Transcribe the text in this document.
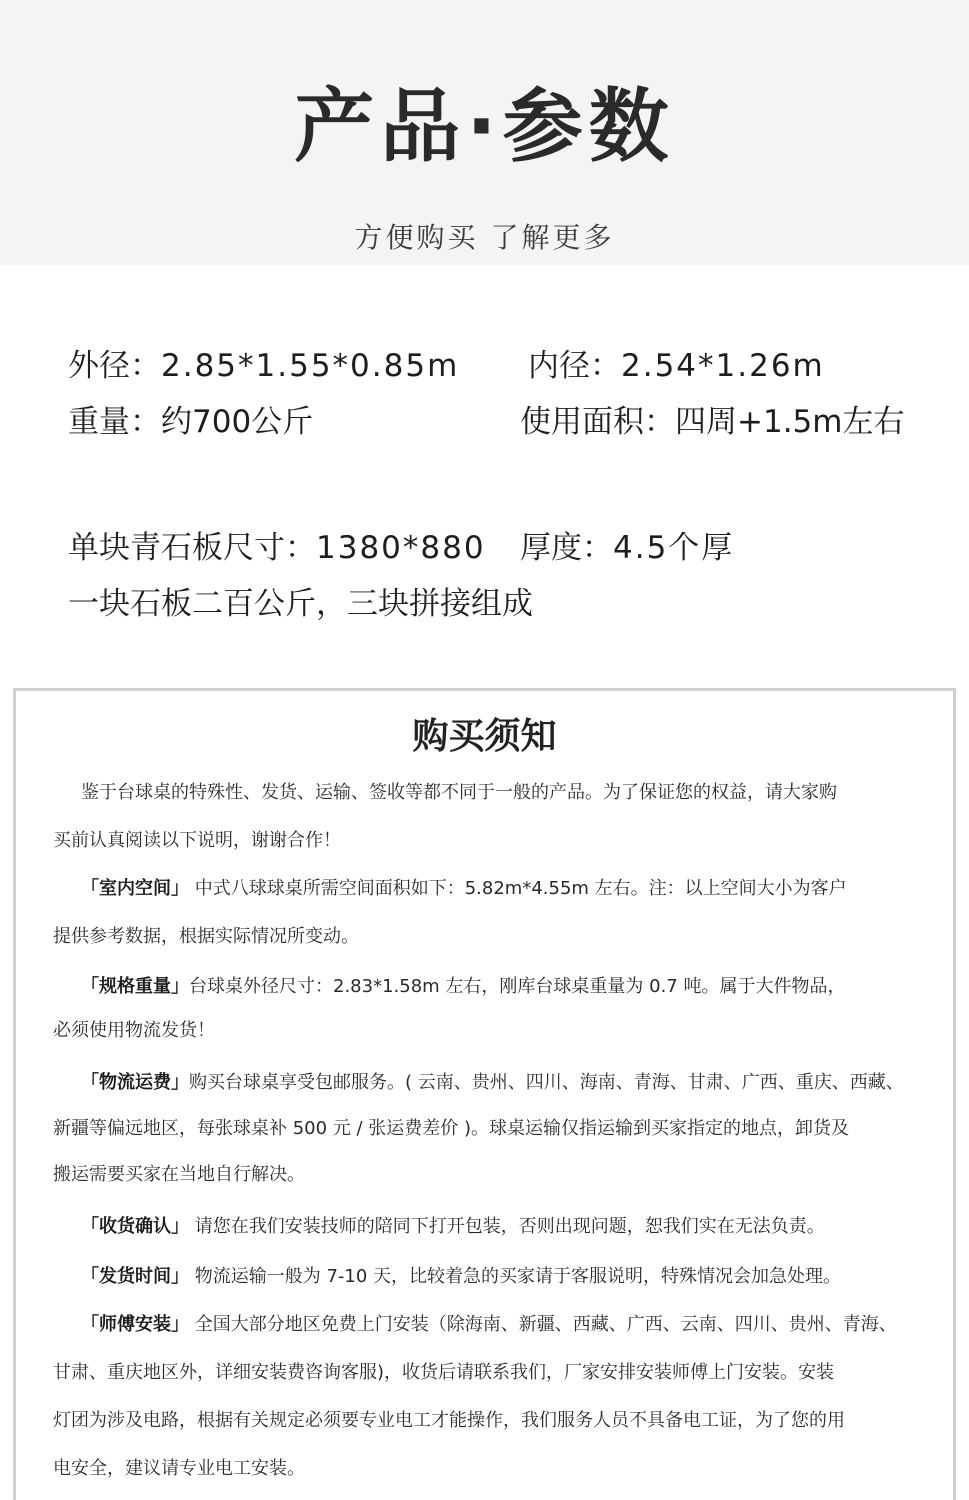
产品·参数
方便购买 了解更多
外径：2.85*1.55*0.85m 内径：2.54*1.26m
重量：约700公斤	使用面积：四周+1.5m左右
单块青石板尺寸：1380*880 厚度：4.5个厚
一块石板二百公斤，三块拼接组成
购买须知
鉴于台球桌的特殊性、发货、运输、签收等都不同于一般的产品。为了保证您的权益，请大家购
买前认真阅读以下说明，谢谢合作！
「室内空间」 中式八球球桌所需空间面积如下：5.82m*4.55m 左右。注：以上空间大小为客户
提供参考数据，根据实际情况所变动。
「规格重量」台球桌外径尺寸：2.83*1.58m 左右，刚库台球桌重量为 0.7 吨。属于大件物品，
必须使用物流发货！
「物流运费」购买台球桌享受包邮服务。( 云南、贵州、四川、海南、青海、甘肃、广西、重庆、西藏、
新疆等偏远地区，每张球桌补 500 元 / 张运费差价 )。球桌运输仅指运输到买家指定的地点，卸货及
搬运需要买家在当地自行解决。
「收货确认」 请您在我们安装技师的陪同下打开包装，否则出现问题，恕我们实在无法负责。
「发货时间」 物流运输一般为 7-10 天，比较着急的买家请于客服说明，特殊情况会加急处理。
「师傅安装」 全国大部分地区免费上门安装（除海南、新疆、西藏、广西、云南、四川、贵州、青海、
甘肃、重庆地区外，详细安装费咨询客服)，收货后请联系我们，厂家安排安装师傅上门安装。安装
灯团为涉及电路，根据有关规定必须要专业电工才能操作，我们服务人员不具备电工证，为了您的用
电安全，建议请专业电工安装。
